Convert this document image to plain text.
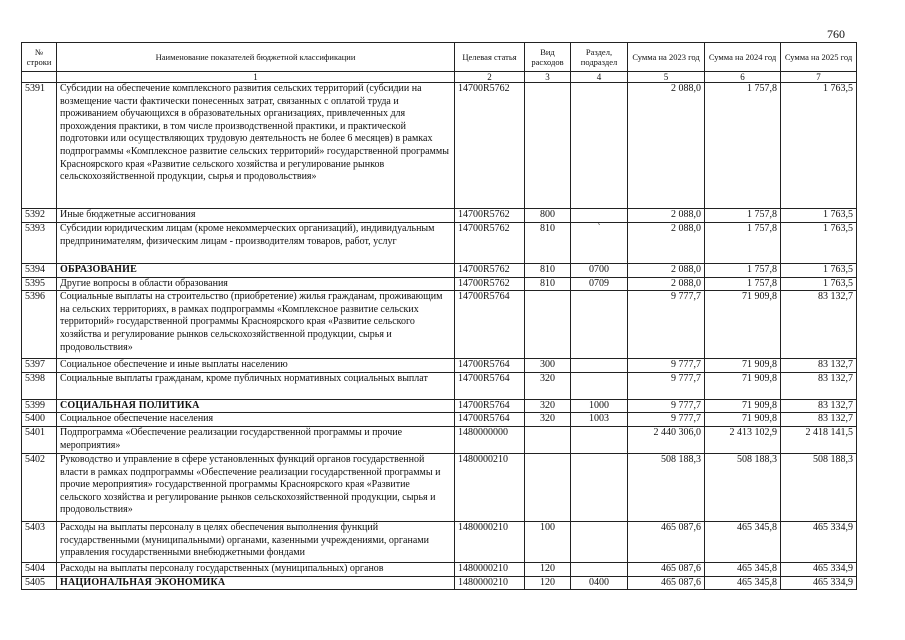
760
№ строки	Наименование показателей бюджетной классификации	Целевая статья	Вид расходов	Раздел, подраздел	Сумма на 2023 год	Сумма на 2024 год	Сумма на 2025 год
	1	2	3	4	5	6	7
5391	Субсидии на обеспечение комплексного развития сельских территорий (субсидии на возмещение части фактически понесенных затрат, связанных с оплатой труда и проживанием обучающихся в образовательных организациях, привлеченных для прохождения практики, в том числе производственной практики, и практической подготовки или осуществляющих трудовую деятельность не более 6 месяцев) в рамках подпрограммы «Комплексное развитие сельских территорий» государственной программы Красноярского края «Развитие сельского хозяйства и регулирование рынков сельскохозяйственной продукции, сырья и продовольствия»	14700R5762			2 088,0	1 757,8	1 763,5
5392	Иные бюджетные ассигнования	14700R5762	800		2 088,0	1 757,8	1 763,5
5393	Субсидии юридическим лицам (кроме некоммерческих организаций), индивидуальным предпринимателям, физическим лицам - производителям товаров, работ, услуг	14700R5762	810	`	2 088,0	1 757,8	1 763,5
5394	ОБРАЗОВАНИЕ	14700R5762	810	0700	2 088,0	1 757,8	1 763,5
5395	Другие вопросы в области образования	14700R5762	810	0709	2 088,0	1 757,8	1 763,5
5396	Социальные выплаты на строительство (приобретение) жилья гражданам, проживающим на сельских территориях, в рамках подпрограммы «Комплексное развитие сельских территорий» государственной программы Красноярского края «Развитие сельского хозяйства и регулирование рынков сельскохозяйственной продукции, сырья и продовольствия»	14700R5764			9 777,7	71 909,8	83 132,7
5397	Социальное обеспечение и иные выплаты населению	14700R5764	300		9 777,7	71 909,8	83 132,7
5398	Социальные выплаты гражданам, кроме публичных нормативных социальных выплат	14700R5764	320		9 777,7	71 909,8	83 132,7
5399	СОЦИАЛЬНАЯ ПОЛИТИКА	14700R5764	320	1000	9 777,7	71 909,8	83 132,7
5400	Социальное обеспечение населения	14700R5764	320	1003	9 777,7	71 909,8	83 132,7
5401	Подпрограмма «Обеспечение реализации государственной программы и прочие мероприятия»	1480000000			2 440 306,0	2 413 102,9	2 418 141,5
5402	Руководство и управление в сфере установленных функций органов государственной власти в рамках подпрограммы «Обеспечение реализации государственной программы и прочие мероприятия» государственной программы Красноярского края «Развитие сельского хозяйства и регулирование рынков сельскохозяйственной продукции, сырья и продовольствия»	1480000210			508 188,3	508 188,3	508 188,3
5403	Расходы на выплаты персоналу в целях обеспечения выполнения функций государственными (муниципальными) органами, казенными учреждениями, органами управления государственными внебюджетными фондами	1480000210	100		465 087,6	465 345,8	465 334,9
5404	Расходы на выплаты персоналу государственных (муниципальных) органов	1480000210	120		465 087,6	465 345,8	465 334,9
5405	НАЦИОНАЛЬНАЯ ЭКОНОМИКА	1480000210	120	0400	465 087,6	465 345,8	465 334,9
